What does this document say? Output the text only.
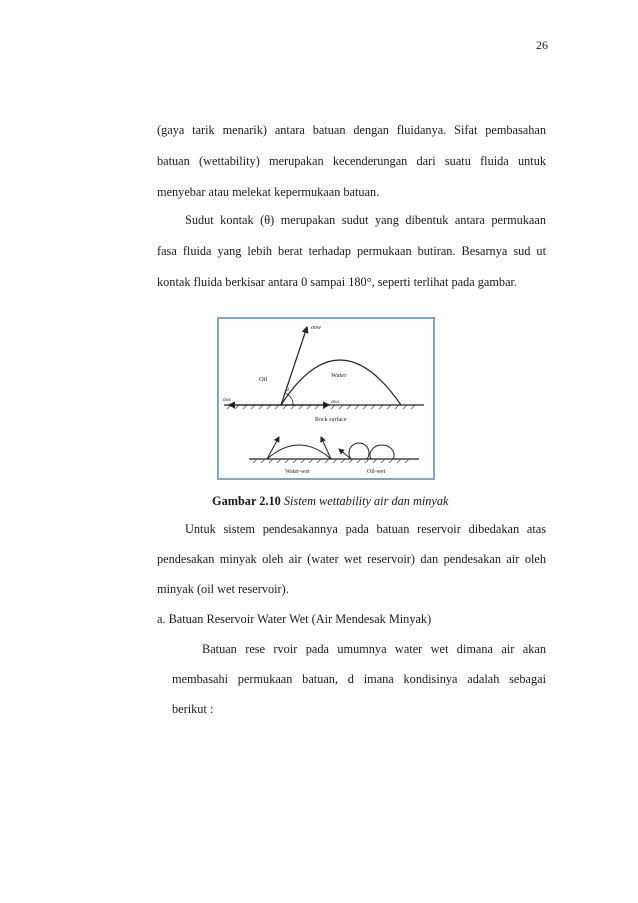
26
(gaya tarik menarik) antara batuan dengan fluidanya. Sifat pembasahan
batuan (wettability) merupakan kecenderungan dari suatu fluida untuk
menyebar atau melekat kepermukaan batuan.
Sudut kontak (θ) merupakan sudut yang dibentuk antara permukaan
fasa fluida yang lebih berat terhadap permukaan butiran. Besarnya sud ut
kontak fluida berkisar antara 0 sampai 180°, seperti terlihat pada gambar.
σow
Oil
Water
θ
σos	σws
Rock surface
Water-wet	Oil-wet
Gambar 2.10 Sistem wettability air dan minyak
Untuk sistem pendesakannya pada batuan reservoir dibedakan atas
pendesakan minyak oleh air (water wet reservoir) dan pendesakan air oleh
minyak (oil wet reservoir).
a. Batuan Reservoir Water Wet (Air Mendesak Minyak)
Batuan rese rvoir pada umumnya water wet dimana air akan
membasahi permukaan batuan, d imana kondisinya adalah sebagai
berikut :
